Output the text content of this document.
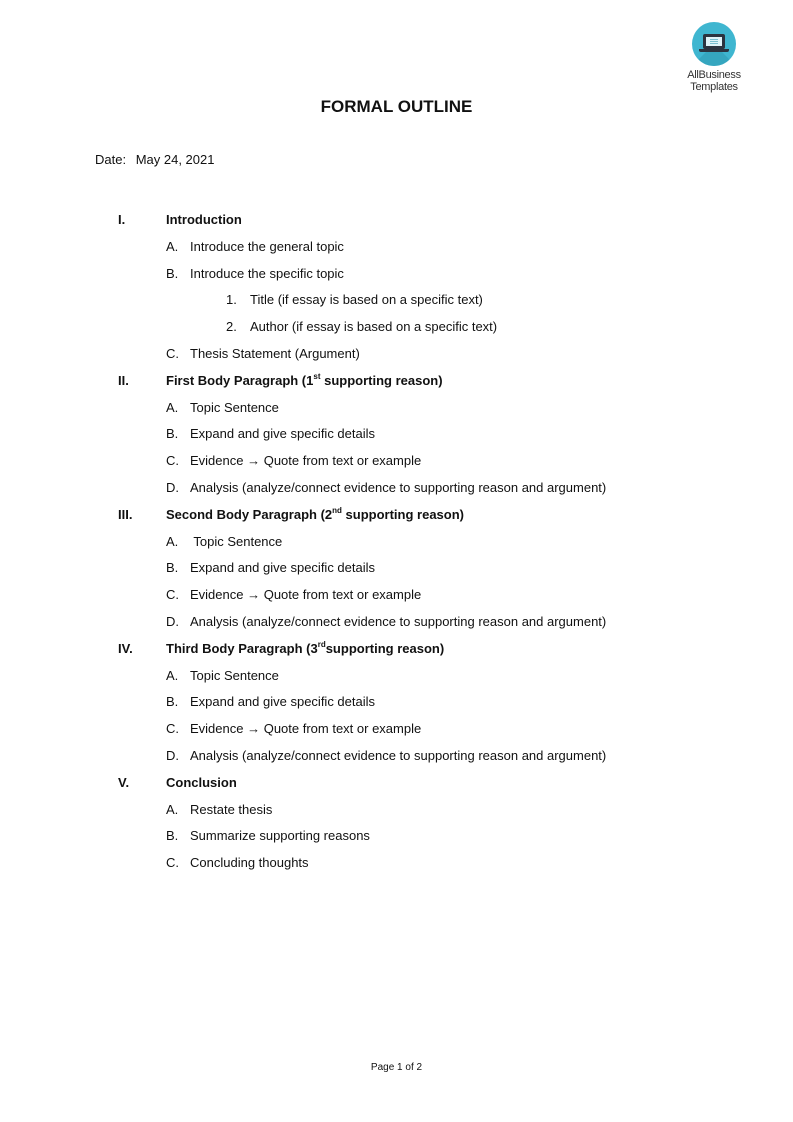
AllBusiness
Templates
FORMAL OUTLINE
Date: May 24, 2021
I.	Introduction
A. Introduce the general topic
B. Introduce the specific topic
1. Title (if essay is based on a specific text)
2. Author (if essay is based on a specific text)
C. Thesis Statement (Argument)
II.	First Body Paragraph (1st supporting reason)
A. Topic Sentence
B. Expand and give specific details
C. Evidence → Quote from text or example
D. Analysis (analyze/connect evidence to supporting reason and argument)
III.	Second Body Paragraph (2nd supporting reason)
A. Topic Sentence
B. Expand and give specific details
C. Evidence → Quote from text or example
D. Analysis (analyze/connect evidence to supporting reason and argument)
IV.	Third Body Paragraph (3rdsupporting reason)
A. Topic Sentence
B. Expand and give specific details
C. Evidence → Quote from text or example
D. Analysis (analyze/connect evidence to supporting reason and argument)
V.	Conclusion
A. Restate thesis
B. Summarize supporting reasons
C. Concluding thoughts
Page 1 of 2
